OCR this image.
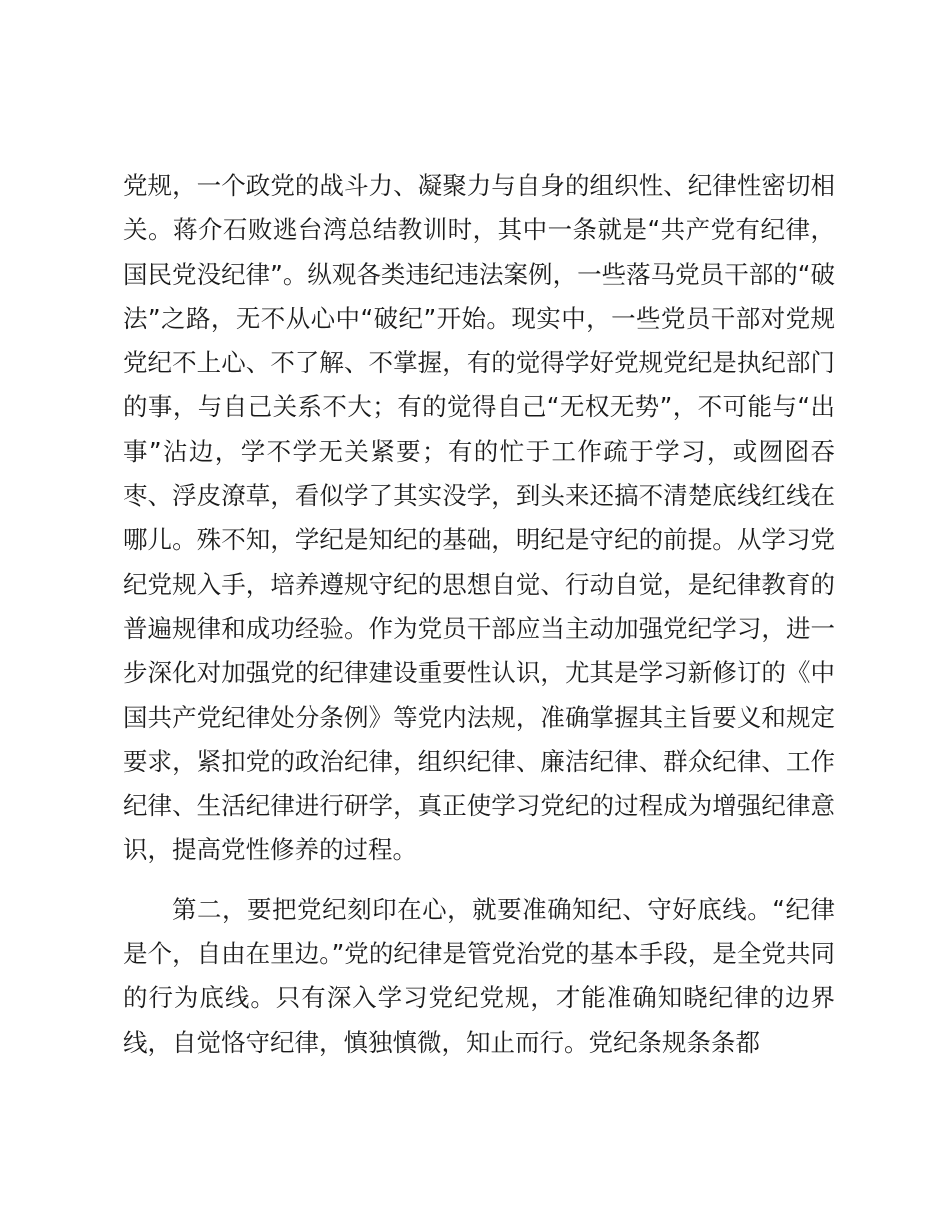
党规，一个政党的战斗力、凝聚力与自身的组织性、纪律性密切相关。蒋介石败逃台湾总结教训时，其中一条就是“共产党有纪律，国民党没纪律”。纵观各类违纪违法案例，一些落马党员干部的“破法”之路，无不从心中“破纪”开始。现实中，一些党员干部对党规党纪不上心、不了解、不掌握，有的觉得学好党规党纪是执纪部门的事，与自己关系不大；有的觉得自己“无权无势”，不可能与“出事”沾边，学不学无关紧要；有的忙于工作疏于学习，或囫囵吞枣、浮皮潦草，看似学了其实没学，到头来还搞不清楚底线红线在哪儿。殊不知，学纪是知纪的基础，明纪是守纪的前提。从学习党纪党规入手，培养遵规守纪的思想自觉、行动自觉，是纪律教育的普遍规律和成功经验。作为党员干部应当主动加强党纪学习，进一步深化对加强党的纪律建设重要性认识，尤其是学习新修订的《中国共产党纪律处分条例》等党内法规，准确掌握其主旨要义和规定要求，紧扣党的政治纪律，组织纪律、廉洁纪律、群众纪律、工作纪律、生活纪律进行研学，真正使学习党纪的过程成为增强纪律意识，提高党性修养的过程。

第二，要把党纪刻印在心，就要准确知纪、守好底线。“纪律是个，自由在里边。”党的纪律是管党治党的基本手段，是全党共同的行为底线。只有深入学习党纪党规，才能准确知晓纪律的边界线，自觉恪守纪律，慎独慎微，知止而行。党纪条规条条都
